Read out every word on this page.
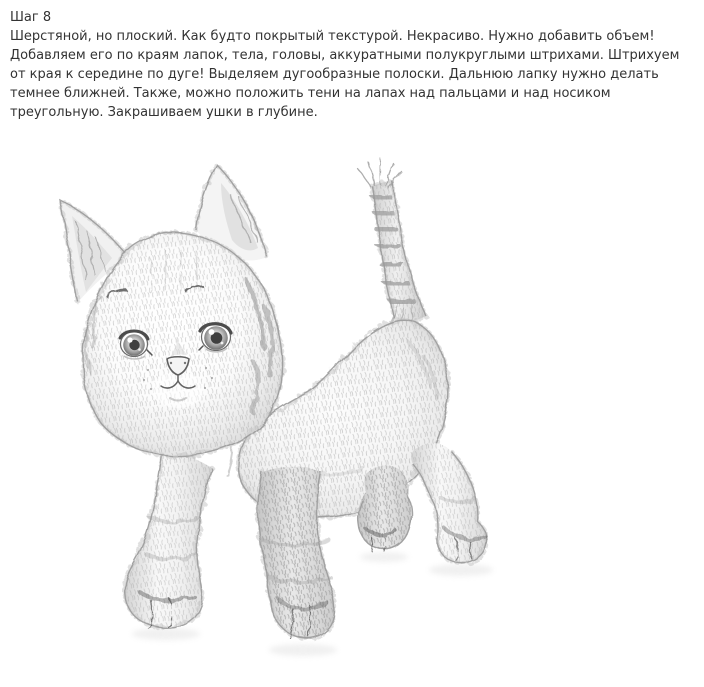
Шаг 8
Шерстяной, но плоский. Как будто покрытый текстурой. Некрасиво. Нужно добавить объем! Добавляем его по краям лапок, тела, головы, аккуратными полукруглыми штрихами. Штрихуем от края к середине по дуге! Выделяем дугообразные полоски. Дальнюю лапку нужно делать темнее ближней. Также, можно положить тени на лапах над пальцами и над носиком треугольную. Закрашиваем ушки в глубине.
